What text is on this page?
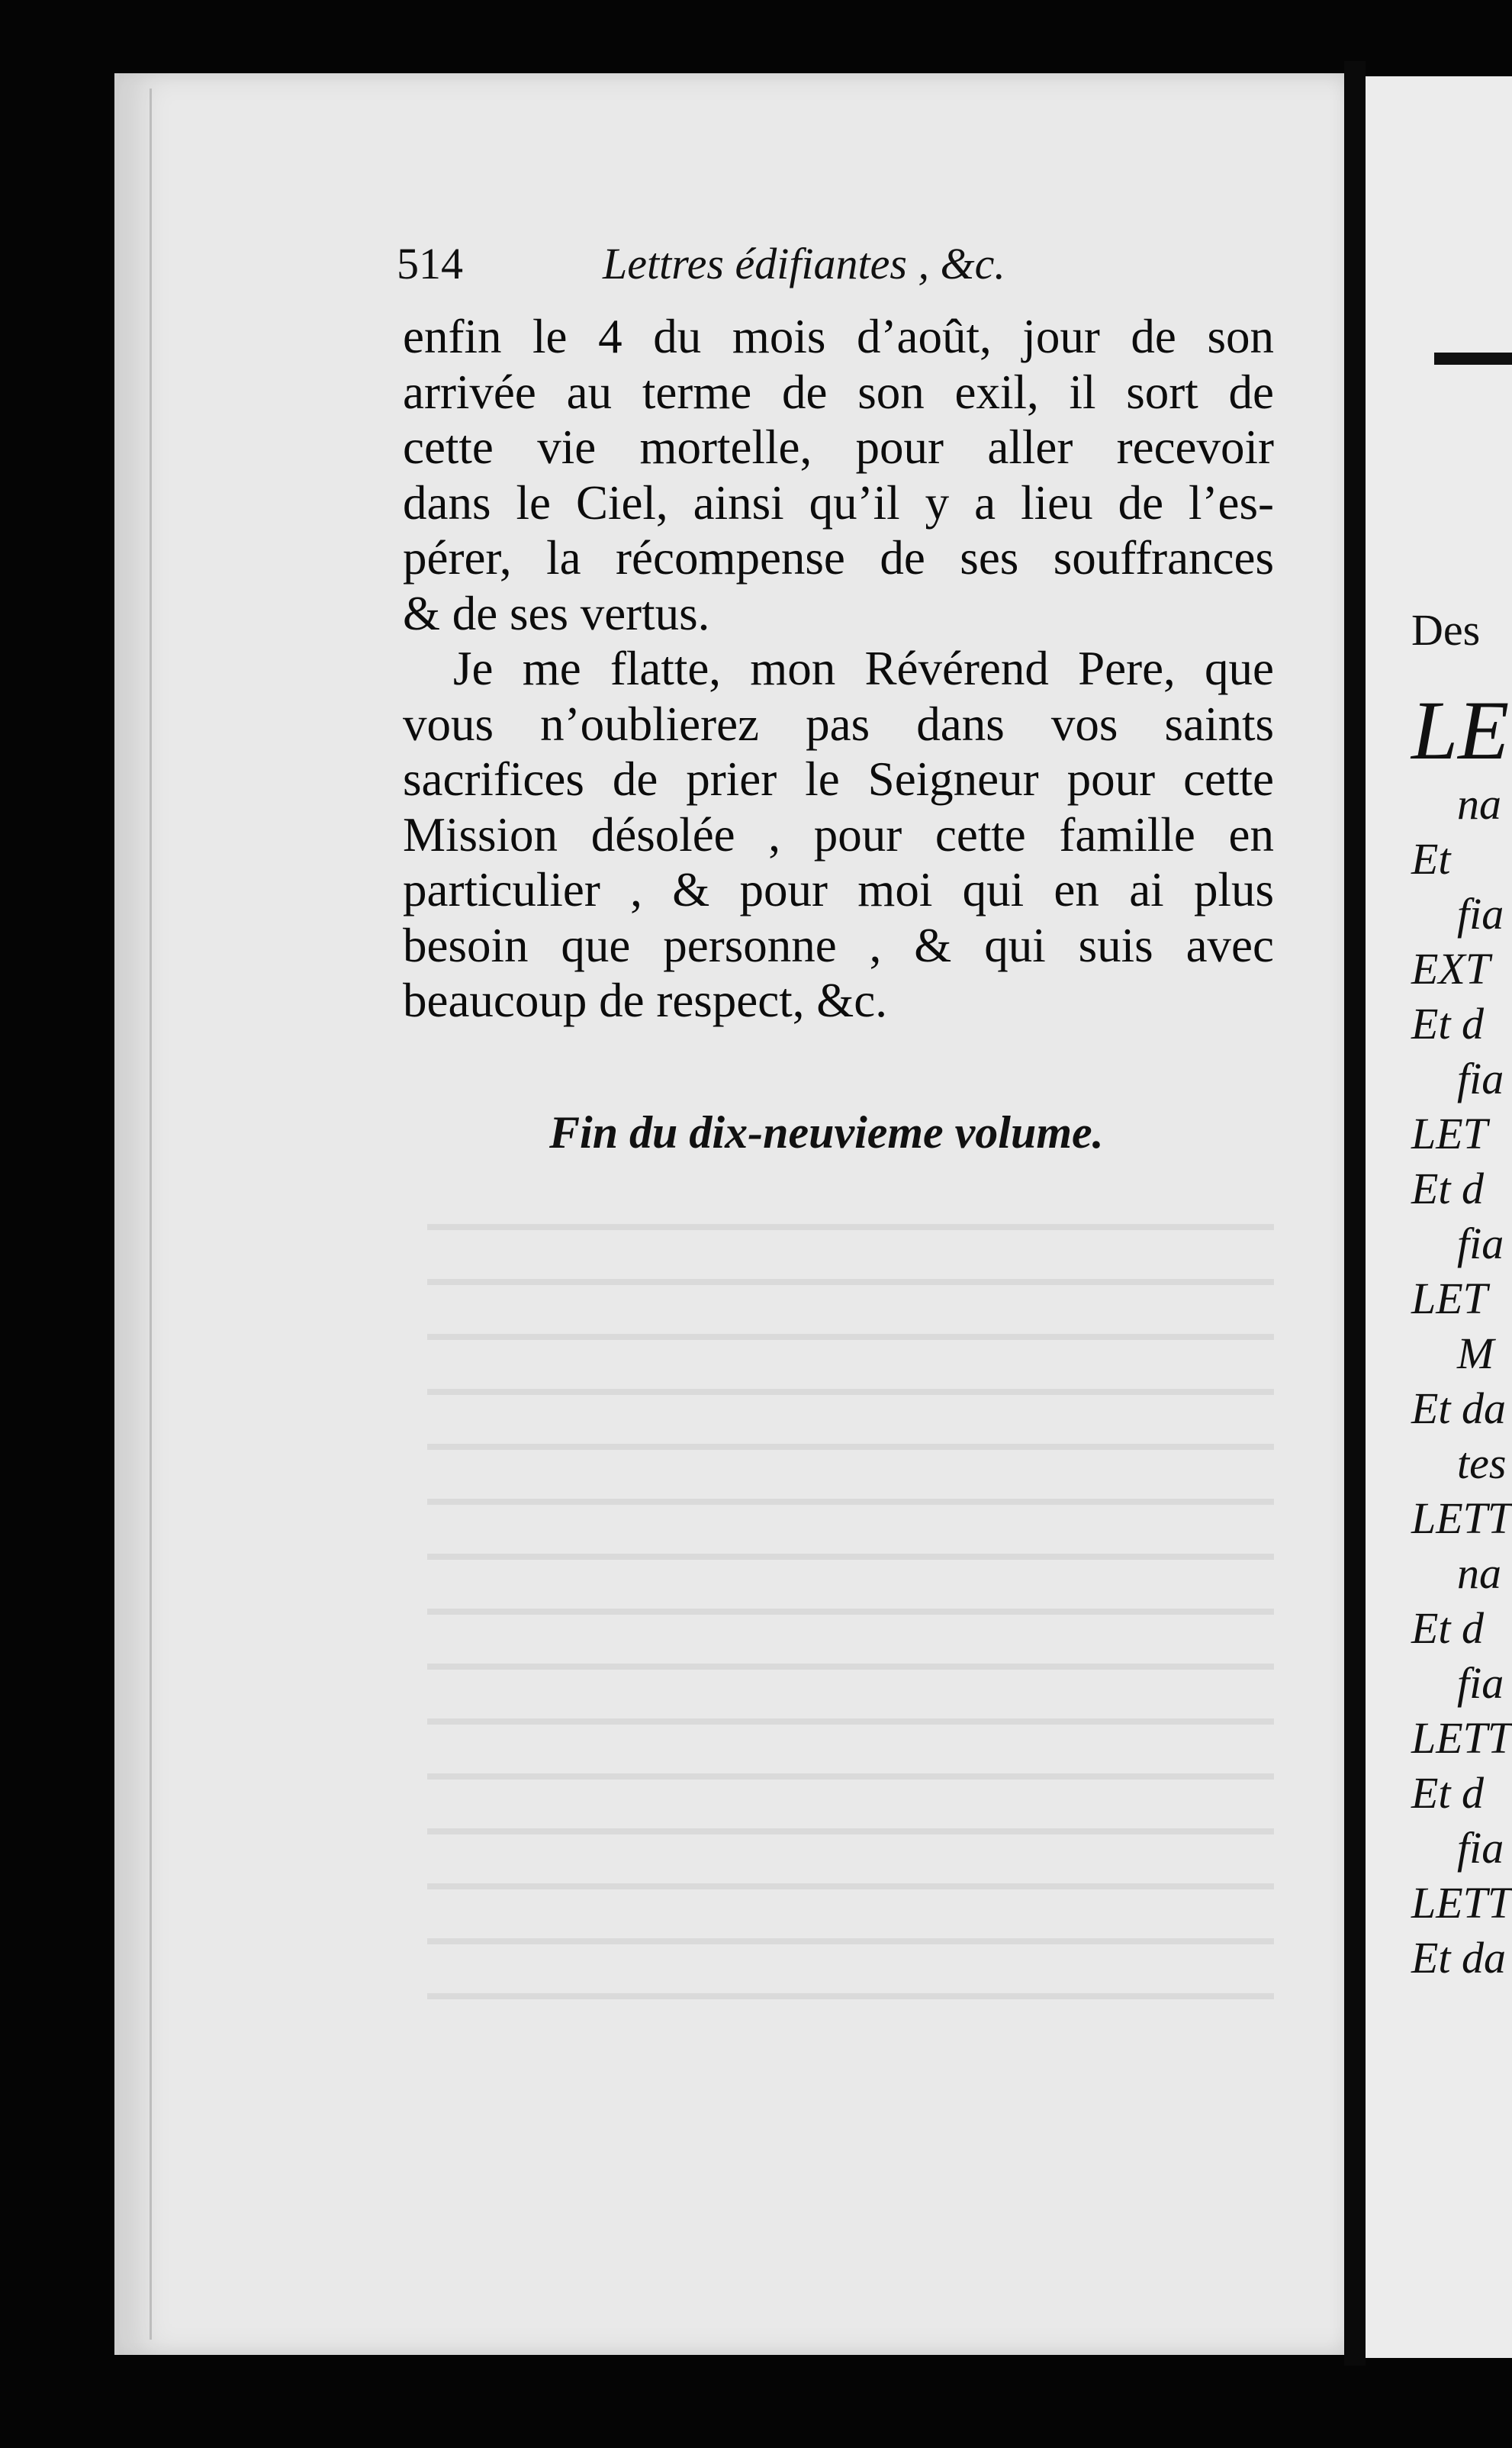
514	Lettres édifiantes , &c.
enfin le 4 du mois d’août, jour de son
arrivée au terme de son exil, il sort de
cette vie mortelle, pour aller recevoir
dans le Ciel, ainsi qu’il y a lieu de l’es-
pérer, la récompense de ses souffrances
& de ses vertus.
Je me flatte, mon Révérend Pere, que
vous n’oublierez pas dans vos saints
sacrifices de prier le Seigneur pour cette
Mission désolée , pour cette famille en
particulier , & pour moi qui en ai plus
besoin que personne , & qui suis avec
beaucoup de respect, &c.
Fin du dix-neuvieme volume.
Des
LE
na
Et
fia
EXT
Et d
fia
LET
Et d
fia
LET
M
Et da
tes
LETT
na
Et d
fia
LETT
Et d
fia
LETT
Et da
